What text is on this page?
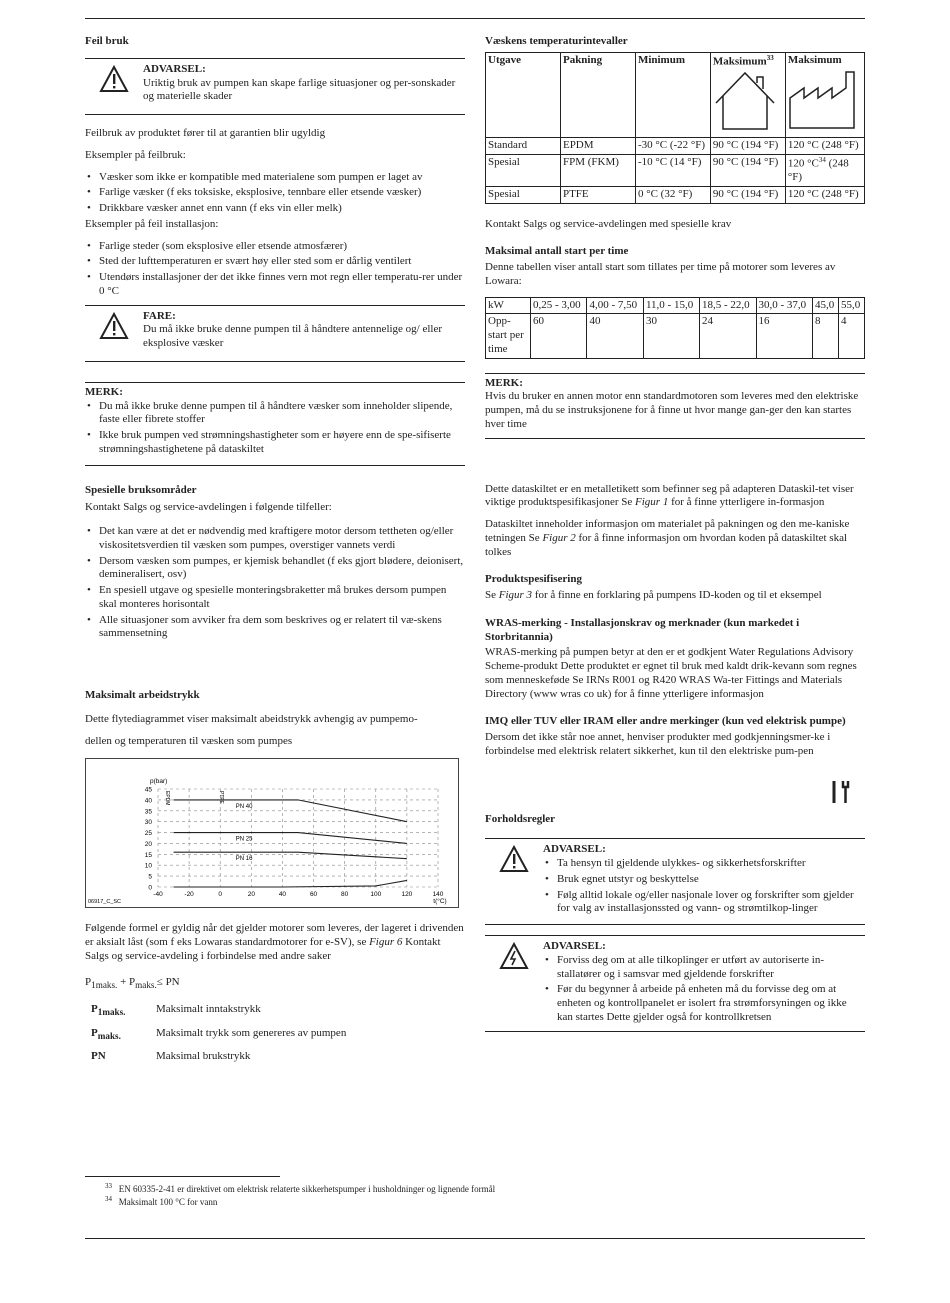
Feil bruk
ADVARSEL:

Uriktig bruk av pumpen kan skape farlige situasjoner og per-sonskader og materielle skader

Feilbruk av produktet fører til at garantien blir ugyldig

Eksempler på feilbruk:

• Væsker som ikke er kompatible med materialene som pumpen er laget av
• Farlige væsker (f eks toksiske, eksplosive, tennbare eller etsende væsker)
• Drikkbare væsker annet enn vann (f eks vin eller melk)

Eksempler på feil installasjon:

• Farlige steder (som eksplosive eller etsende atmosfærer)
• Sted der lufttemperaturen er svært høy eller sted som er dårlig ventilert
• Utendørs installasjoner der det ikke finnes vern mot regn eller temperatu-rer under 0 °C
FARE:

Du må ikke bruke denne pumpen til å håndtere antennelige og/ eller eksplosive væsker

MERK:
• Du må ikke bruke denne pumpen til å håndtere væsker som inneholder slipende, faste eller fibrete stoffer
• Ikke bruk pumpen ved strømningshastigheter som er høyere enn de spe-sifiserte strømningshastighetene på dataskiltet
Spesielle bruksområder

Kontakt Salgs og service-avdelingen i følgende tilfeller:

• Det kan være at det er nødvendig med kraftigere motor dersom tettheten og/eller viskositetsverdien til væsken som pumpes, overstiger vannets verdi
• Dersom væsken som pumpes, er kjemisk behandlet (f eks gjort blødere, deionisert, demineralisert, osv)
• En spesiell utgave og spesielle monteringsbraketter må brukes dersom pumpen skal monteres horisontalt
• Alle situasjoner som avviker fra dem som beskrives og er relatert til væ-skens sammensetning
Maksimalt arbeidstrykk

Dette flytediagrammet viser maksimalt abeidstrykk avhengig av pumpemo-

dellen og temperaturen til væsken som pumpes

0
5
10
15
20
25
30
35
40
45
-40	-20	0	20	40	60	80	100	120	140
p(bar)
t(°C)
06917_C_SC
EPDM	PTFE
PN 40
PN 25
PN 16

Følgende formel er gyldig når det gjelder motorer som leveres, der lageret i drivenden er aksialt låst (som f eks Lowaras standardmotorer for e-SV), se Figur 6 Kontakt Salgs og service-avdeling i forbindelse med andre saker

$P_{1maks.} + P_{maks.}\le$ PN

$P_{1maks.}$	Maksimalt inntakstrykk
$P_{maks.}$	Maksimalt trykk som genereres av pumpen
PN	Maksimal brukstrykk
Væskens temperaturintevaller
Utgave	Pakning	Minimum	Maksimum$^{33}$	Maksimum

Standard	EPDM	-30 °C (-22 °F)	90 °C (194 °F)	120 °C (248 °F)
Spesial	FPM (FKM)	-10 °C (14 °F)	90 °C (194 °F)	120 $^\circ C^{34}$ (248 °F)
Spesial	PTFE	0 °C (32 °F)	90 °C (194 °F)	120 °C (248 °F)

Kontakt Salgs og service-avdelingen med spesielle krav

Maksimal antall start per time

Denne tabellen viser antall start som tillates per time på motorer som leveres av Lowara:

kW	0,25 - 3,00	4,00 - 7,50	11,0 - 15,0	18,5 - 22,0	30,0 - 37,0	45,0	55,0
Opp-start per time	60	40	30	24	16	8	4
MERK:

Hvis du bruker en annen motor enn standardmotoren som leveres med den elektriske pumpen, må du se instruksjonene for å finne ut hvor mange gan-ger den kan startes hver time

Dette dataskiltet er en metalletikett som befinner seg på adapteren Dataskil-tet viser viktige produktspesifikasjoner Se Figur 1 for å finne ytterligere in-formasjon

Dataskiltet inneholder informasjon om materialet på pakningen og den me-kaniske tetningen Se Figur 2 for å finne informasjon om hvordan koden på dataskiltet skal tolkes

Produktspesifisering

Se Figur 3 for å finne en forklaring på pumpens ID-koden og til et eksempel

WRAS-merking - Installasjonskrav og merknader (kun markedet i Storbritannia)

WRAS-merking på pumpen betyr at den er et godkjent Water Regulations Advisory Scheme-produkt Dette produktet er egnet til bruk med kaldt drik-kevann som regnes som menneskeføde Se IRNs R001 og R420 WRAS Wa-ter Fittings and Materials Directory (www wras co uk) for å finne ytterligere informasjon

IMQ eller TUV eller IRAM eller andre merkinger (kun ved elektrisk pumpe)

Dersom det ikke står noe annet, henviser produkter med godkjenningsmer-ke i forbindelse med elektrisk relatert sikkerhet, kun til den elektriske pum-pen

Forholdsregler
ADVARSEL:
• Ta hensyn til gjeldende ulykkes- og sikkerhetsforskrifter
• Bruk egnet utstyr og beskyttelse
• Følg alltid lokale og/eller nasjonale lover og forskrifter som gjelder for valg av installasjonssted og vann- og strømtilkop-linger
ADVARSEL:
• Forviss deg om at alle tilkoplinger er utført av autoriserte in-stallatører og i samsvar med gjeldende forskrifter
• Før du begynner å arbeide på enheten må du forvisse deg om at enheten og kontrollpanelet er isolert fra strømforsyningen og ikke kan startes Dette gjelder også for kontrollkretsen
$^{33}$ EN 60335-2-41 er direktivet om elektrisk relaterte sikkerhetspumper i husholdninger og lignende formål
$^{34}$ Maksimalt 100 °C for vann
